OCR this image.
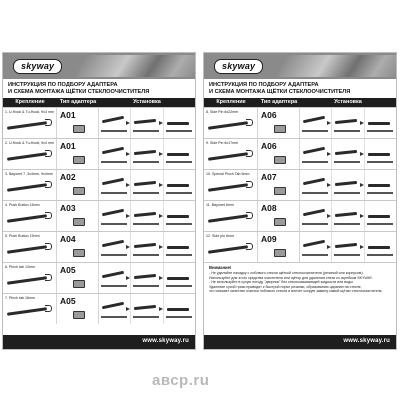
skyway
ИНСТРУКЦИЯ ПО ПОДБОРУ АДАПТЕРА
И СХЕМА МОНТАЖА ЩЁТКИ СТЕКЛООЧИСТИТЕЛЯ
Крепление	Тип адаптера	Установка
1. U-Hook & Tu-Hook, 9x3 mm A01
2. U-Hook & Tu-Hook, 9x4 mm A01
3. Bayonet 7 ,3x4mm, 9x4mm A02
4. Push Button 16mm A03
5. Push Button 19mm A04
6. Pinch tab 13mm	A05
7. Pinch tab 16mm	A05
www.skyway.ru
skyway
ИНСТРУКЦИЯ ПО ПОДБОРУ АДАПТЕРА
И СХЕМА МОНТАЖА ЩЁТКИ СТЕКЛООЧИСТИТЕЛЯ
Крепление	Тип адаптера	Установка
8. Side Pin 6x22mm	A06
9. Side Pin 6x17mm	A06
10. Special Pinch Tab 6mm A07
11. Bayonet 6mm	A08
12. Side pin 6mm	A09
Внимание!
- Не удаляйте насадку с лобового стекла щёткой стеклоочистителя (резиной или корпусом).
Используйте для этого средства очистителя или щётку для удаления снега со скребком SKYWAY.
- Не используйте в сухую погоду "дворник" без стеклоомывающей жидкости или воды.
Удаление сухой грязи приводит к быстрой порче резинки, образованию царапин на стекле,
что снижает качество очистки лобового стекла и влечет скорую замену самой щётки стеклоочистителя.
www.skyway.ru
авср.ru
